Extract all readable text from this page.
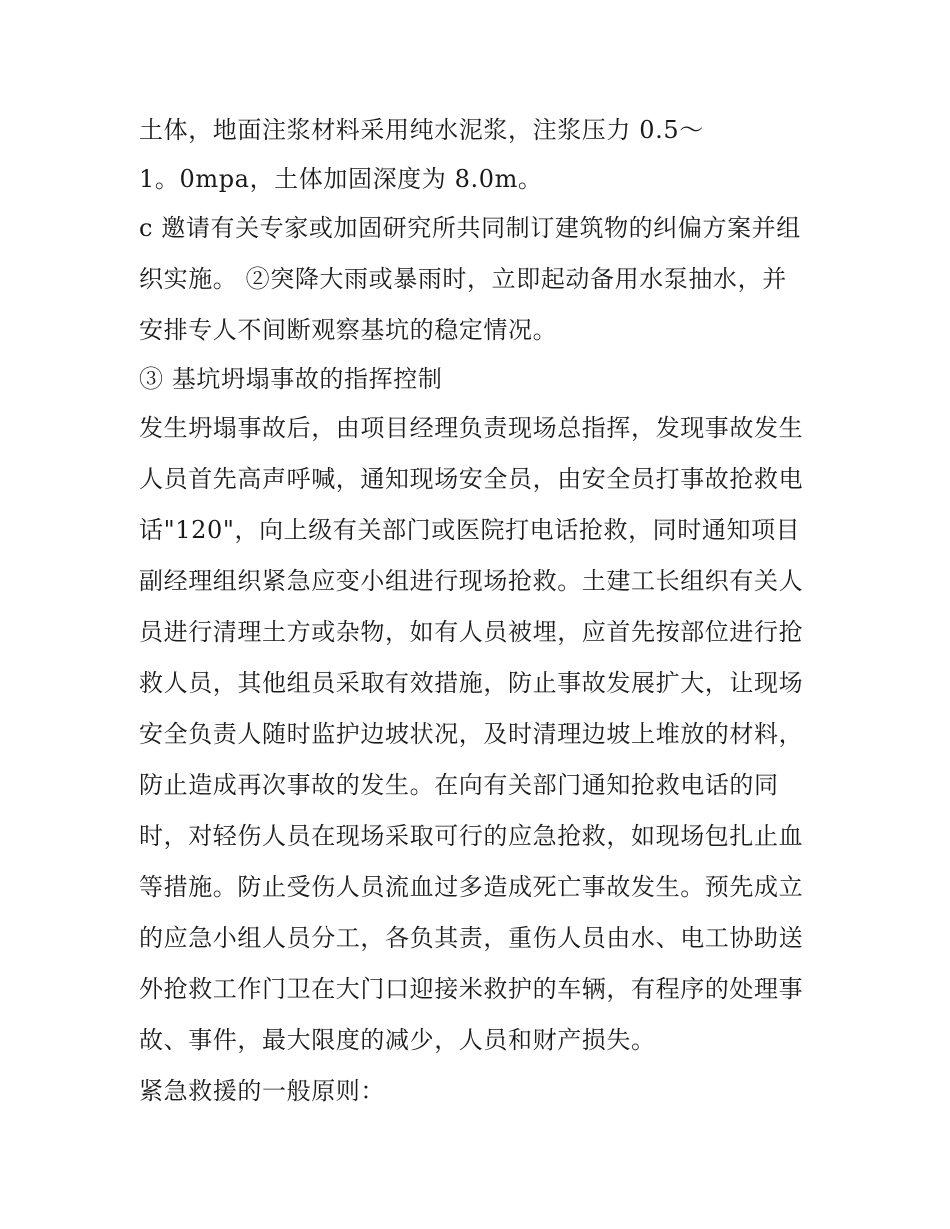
土体，地面注浆材料采用纯水泥浆，注浆压力 0.5～
1。0mpa，土体加固深度为 8.0m。
c 邀请有关专家或加固研究所共同制订建筑物的纠偏方案并组
织实施。 ②突降大雨或暴雨时，立即起动备用水泵抽水，并
安排专人不间断观察基坑的稳定情况。
③ 基坑坍塌事故的指挥控制
发生坍塌事故后，由项目经理负责现场总指挥，发现事故发生
人员首先高声呼喊，通知现场安全员，由安全员打事故抢救电
话"120"，向上级有关部门或医院打电话抢救，同时通知项目
副经理组织紧急应变小组进行现场抢救。土建工长组织有关人
员进行清理土方或杂物，如有人员被埋，应首先按部位进行抢
救人员，其他组员采取有效措施，防止事故发展扩大，让现场
安全负责人随时监护边坡状况，及时清理边坡上堆放的材料，
防止造成再次事故的发生。在向有关部门通知抢救电话的同
时，对轻伤人员在现场采取可行的应急抢救，如现场包扎止血
等措施。防止受伤人员流血过多造成死亡事故发生。预先成立
的应急小组人员分工，各负其责，重伤人员由水、电工协助送
外抢救工作门卫在大门口迎接米救护的车辆，有程序的处理事
故、事件，最大限度的减少，人员和财产损失。
紧急救援的一般原则：
